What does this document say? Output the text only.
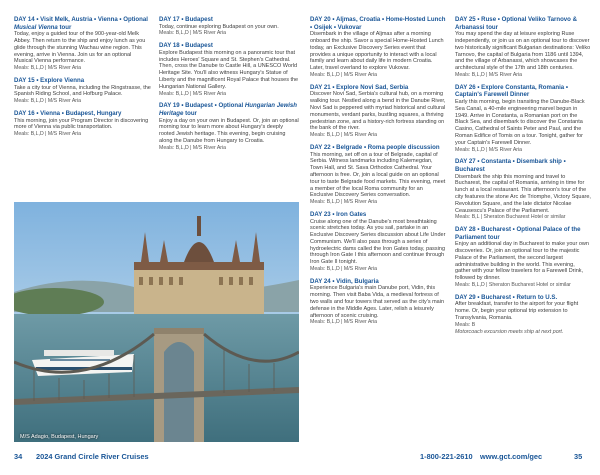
DAY 14 • Visit Melk, Austria • Vienna • Optional Musical Vienna tour
Today, enjoy a guided tour of the 900-year-old Melk Abbey. Then return to the ship and enjoy lunch as you glide through the stunning Wachau wine region. This evening, arrive in Vienna. Join us for an optional Musical Vienna performance.
Meals: B,L,D | M/S River Aria
DAY 15 • Explore Vienna
Take a city tour of Vienna, including the Ringstrasse, the Spanish Riding School, and Hofburg Palace.
Meals: B,L,D | M/S River Aria
DAY 16 • Vienna • Budapest, Hungary
This morning, join your Program Director in discovering more of Vienna via public transportation.
Meals: B,L,D | M/S River Aria
DAY 17 • Budapest
Today, continue exploring Budapest on your own.
Meals: B,L,D | M/S River Aria
DAY 18 • Budapest
Explore Budapest this morning on a panoramic tour that includes Heroes' Square and St. Stephen's Cathedral. Then, cross the Danube to Castle Hill, a UNESCO World Heritage Site. You'll also witness Hungary's Statue of Liberty and the magnificent Royal Palace that houses the Hungarian National Gallery.
Meals: B,L,D | M/S River Aria
DAY 19 • Budapest • Optional Hungarian Jewish Heritage tour
Enjoy a day on your own in Budapest. Or, join an optional morning tour to learn more about Hungary's deeply rooted Jewish heritage. This evening, begin cruising along the Danube from Hungary to Croatia.
Meals: B,L,D | M/S River Aria
M/S Adagio, Budapest, Hungary
DAY 20 • Aljmas, Croatia • Home-Hosted Lunch • Osijek • Vukovar
Disembark in the village of Aljmas after a morning onboard the ship. Savor a special Home-Hosted Lunch today, an Exclusive Discovery Series event that provides a unique opportunity to interact with a local family and learn about daily life in modern Croatia. Later, travel overland to explore Vukovar.
Meals: B,L,D | M/S River Aria
DAY 21 • Explore Novi Sad, Serbia
Discover Novi Sad, Serbia's cultural hub, on a morning walking tour. Nestled along a bend in the Danube River, Novi Sad is peppered with myriad historical and cultural monuments, verdant parks, bustling squares, a thriving pedestrian zone, and a history-rich fortress standing on the bank of the river.
Meals: B,L,D | M/S River Aria
DAY 22 • Belgrade • Roma people discussion
This morning, set off on a tour of Belgrade, capital of Serbia. Witness landmarks including Kalemegdan, Town Hall, and St. Sava Orthodox Cathedral. Your afternoon is free. Or, join a local guide on an optional tour to taste Belgrade food markets. This evening, meet a member of the local Roma community for an Exclusive Discovery Series conversation.
Meals: B,L,D | M/S River Aria
DAY 23 • Iron Gates
Cruise along one of the Danube's most breathtaking scenic stretches today. As you sail, partake in an Exclusive Discovery Series discussion about Life Under Communism. We'll also pass through a series of hydroelectric dams called the Iron Gates today, passing through Iron Gate I this afternoon and continue through Iron Gate II tonight.
Meals: B,L,D | M/S River Aria
DAY 24 • Vidin, Bulgaria
Experience Bulgaria's main Danube port, Vidin, this morning. Then visit Baba Vida, a medieval fortress of two walls and four towers that served as the city's main defense in the Middle Ages. Later, relish a leisurely afternoon of scenic cruising.
Meals: B,L,D | M/S River Aria
DAY 25 • Ruse • Optional Veliko Tarnovo & Arbanassi tour
You may spend the day at leisure exploring Ruse independently, or join us on an optional tour to discover two historically significant Bulgarian destinations: Veliko Tarnovo, the capital of Bulgaria from 1186 until 1394, and the village of Arbanassi, which showcases the architectural style of the 17th and 18th centuries.
Meals: B,L,D | M/S River Aria
DAY 26 • Explore Constanta, Romania • Captain's Farewell Dinner
Early this morning, begin transiting the Danube-Black Sea Canal, a 40-mile engineering marvel begun in 1949. Arrive in Constanta, a Romanian port on the Black Sea, and disembark to discover the Constanta Casino, Cathedral of Saints Peter and Paul, and the Roman Edifice of Tomis on a tour. Tonight, gather for your Captain's Farewell Dinner.
Meals: B,L,D | M/S River Aria
DAY 27 • Constanta • Disembark ship • Bucharest
Disembark the ship this morning and travel to Bucharest, the capital of Romania, arriving in time for lunch at a local restaurant. This afternoon's tour of the city features the stone Arc de Triomphe, Victory Square, Revolution Square, and the late dictator Nicolae Ceausescu's Palace of the Parliament.
Meals: B,L | Sheraton Bucharest Hotel or similar
DAY 28 • Bucharest • Optional Palace of the Parliament tour
Enjoy an additional day in Bucharest to make your own discoveries. Or, join an optional tour to the majestic Palace of the Parliament, the second largest administrative building in the world. This evening, gather with your fellow travelers for a Farewell Drink, followed by dinner.
Meals: B,L,D | Sheraton Bucharest Hotel or similar
DAY 29 • Bucharest • Return to U.S.
After breakfast, transfer to the airport for your flight home. Or, begin your optional trip extension to Transylvania, Romania.
Meals: B
Motorcoach excursion meets ship at next port.
34 2024 Grand Circle River Cruises	1-800-221-2610 www.gct.com/gec	35
